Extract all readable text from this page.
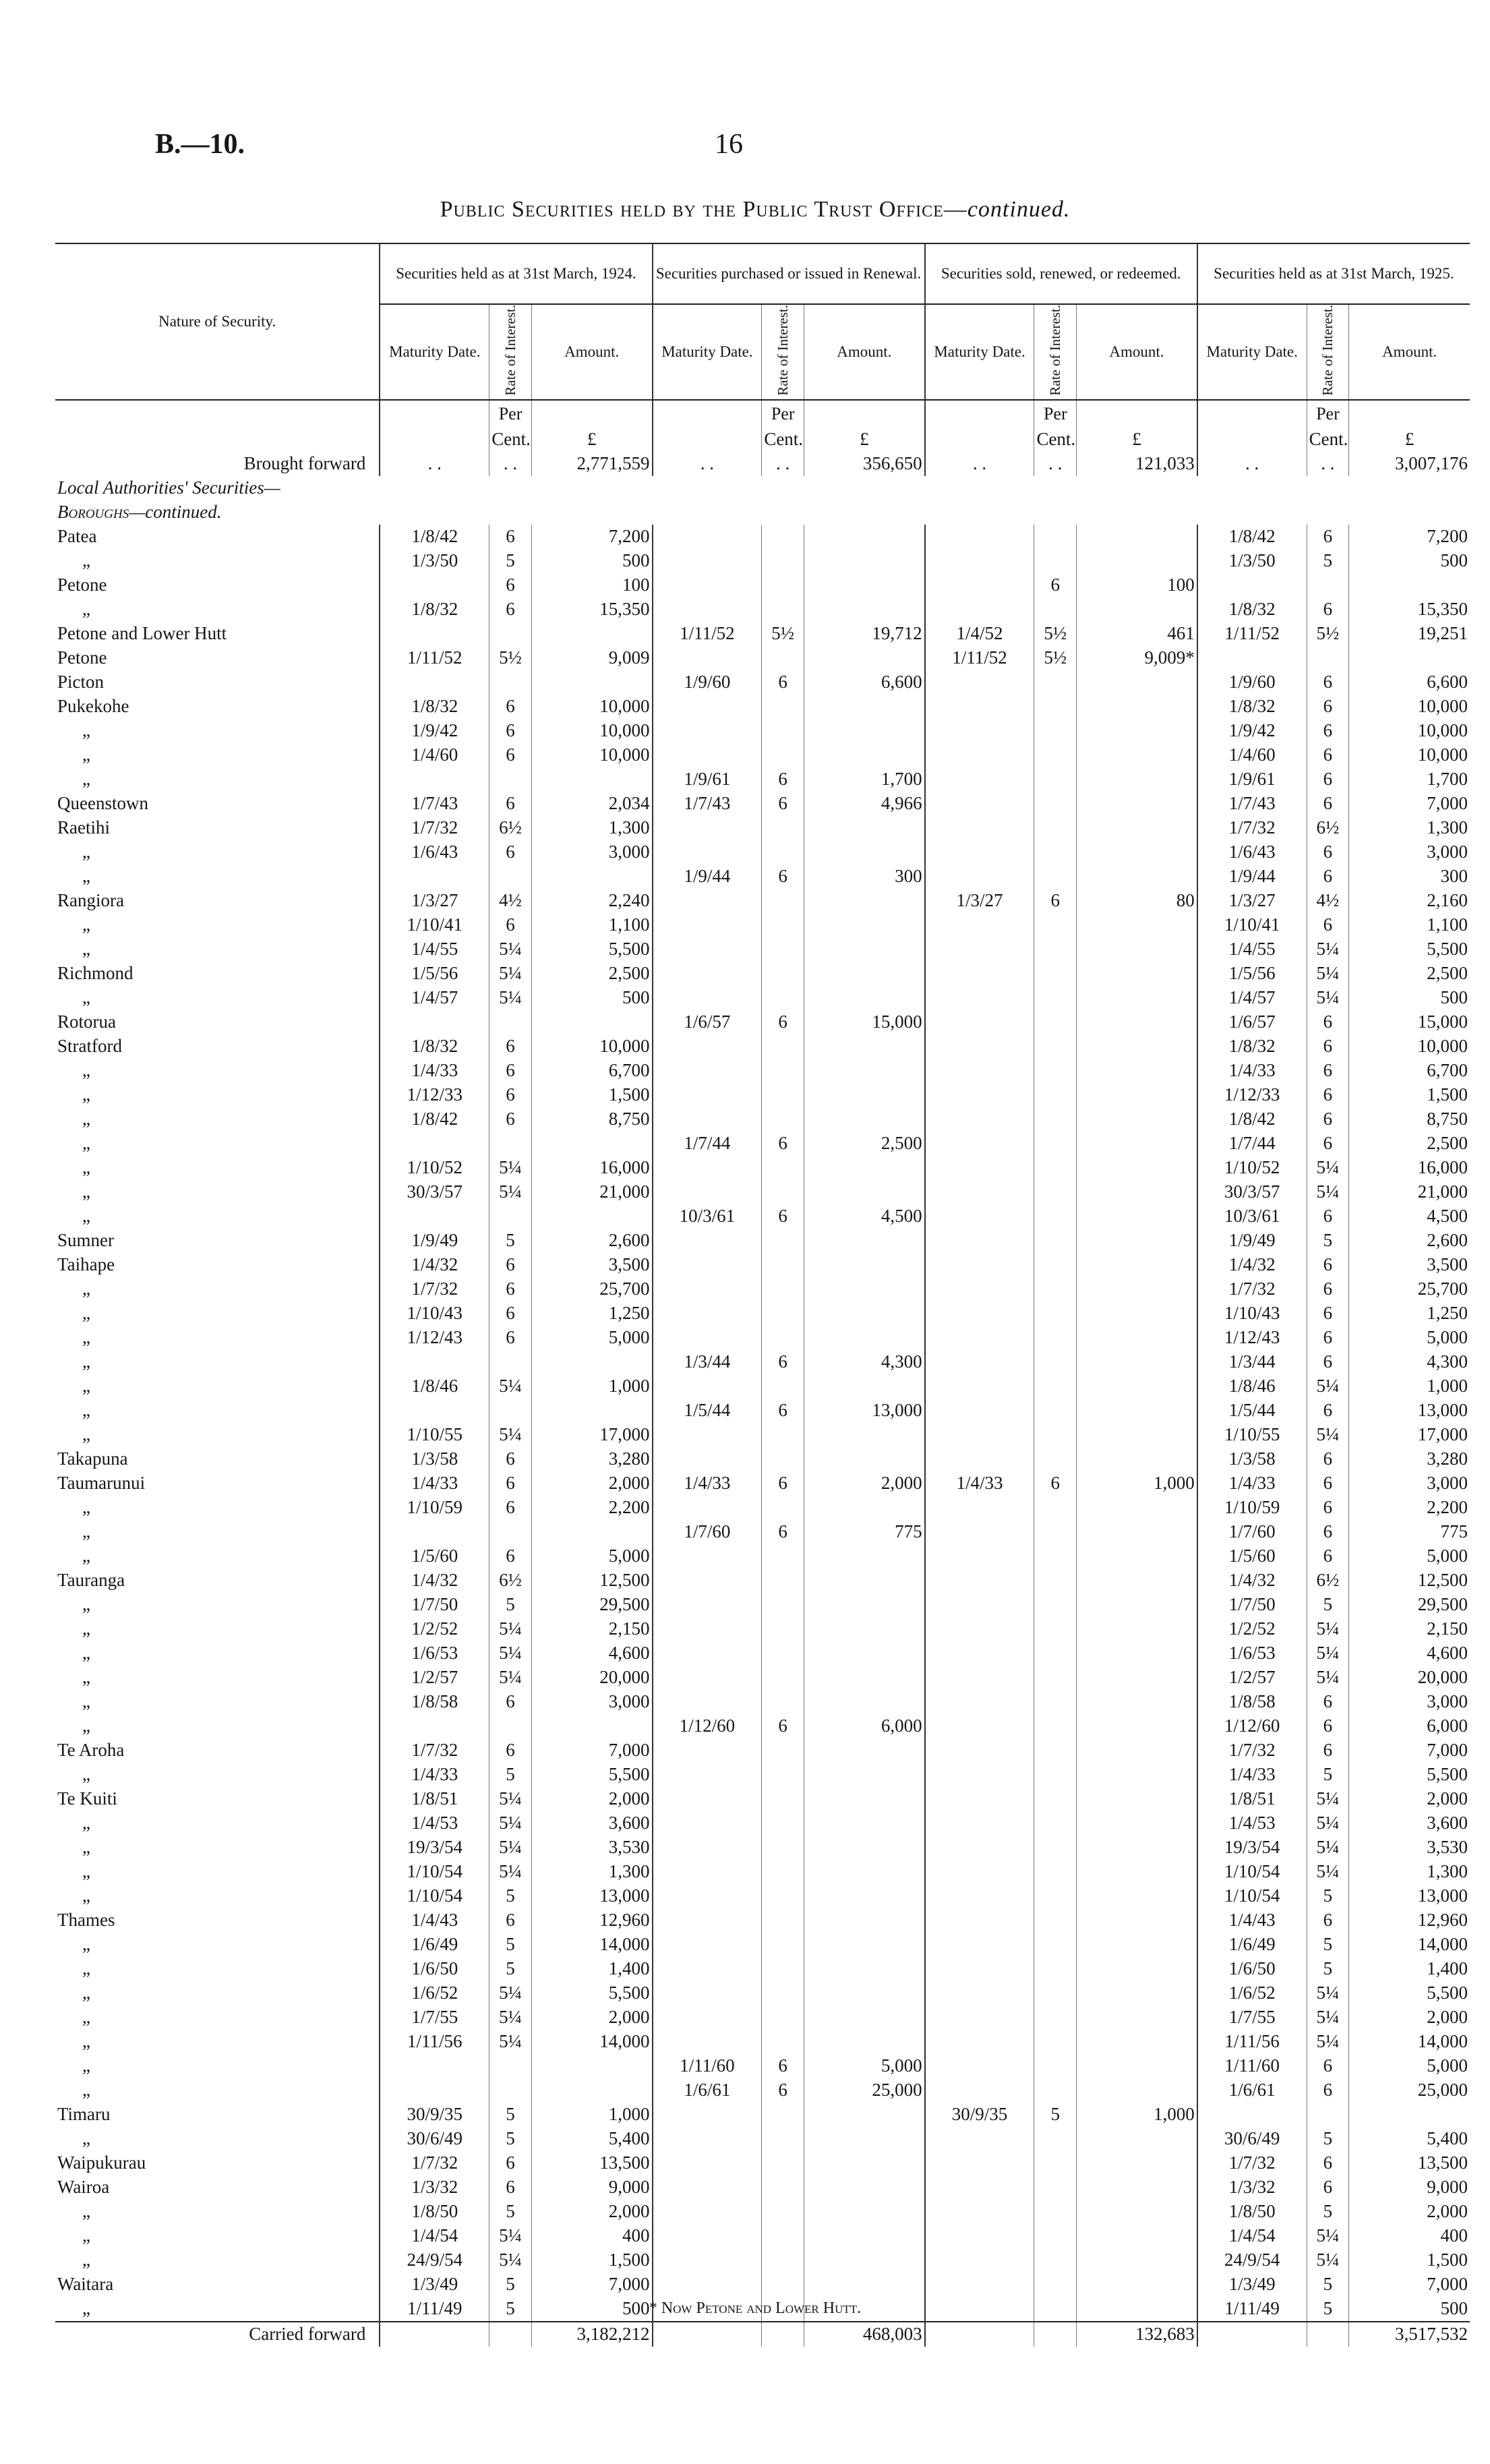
B.—10.	16
Public Securities held by the Public Trust Office—continued.
Nature of Security.	Securities held as at 31st March, 1924.			Securities purchased or issued in Renewal.			Securities sold, renewed, or redeemed.			Securities held as at 31st March, 1925.		
	Maturity Date.	Rate of Interest.	Amount.	Maturity Date.	Rate of Interest.	Amount.	Maturity Date.	Rate of Interest.	Amount.	Maturity Date.	Rate of Interest.	Amount.
		Per			Per			Per			Per	
		Cent.	£		Cent.	£		Cent.	£		Cent.	£
Brought forward	. .	. .	2,771,559	. .	. .	356,650	. .	. .	121,033	. .	. .	3,007,176
Local Authorities' Securities—												
Boroughs—continued.												
Patea	1/8/42	6	7,200							1/8/42	6	7,200
„	1/3/50	5	500							1/3/50	5	500
Petone		6	100					6	100			
„	1/8/32	6	15,350							1/8/32	6	15,350
Petone and Lower Hutt				1/11/52	5½	19,712	1/4/52	5½	461	1/11/52	5½	19,251
Petone	1/11/52	5½	9,009				1/11/52	5½	9,009*			
Picton				1/9/60	6	6,600				1/9/60	6	6,600
Pukekohe	1/8/32	6	10,000							1/8/32	6	10,000
„	1/9/42	6	10,000							1/9/42	6	10,000
„	1/4/60	6	10,000							1/4/60	6	10,000
„				1/9/61	6	1,700				1/9/61	6	1,700
Queenstown	1/7/43	6	2,034	1/7/43	6	4,966				1/7/43	6	7,000
Raetihi	1/7/32	6½	1,300							1/7/32	6½	1,300
„	1/6/43	6	3,000							1/6/43	6	3,000
„				1/9/44	6	300				1/9/44	6	300
Rangiora	1/3/27	4½	2,240				1/3/27	6	80	1/3/27	4½	2,160
„	1/10/41	6	1,100							1/10/41	6	1,100
„	1/4/55	5¼	5,500							1/4/55	5¼	5,500
Richmond	1/5/56	5¼	2,500							1/5/56	5¼	2,500
„	1/4/57	5¼	500							1/4/57	5¼	500
Rotorua				1/6/57	6	15,000				1/6/57	6	15,000
Stratford	1/8/32	6	10,000							1/8/32	6	10,000
„	1/4/33	6	6,700							1/4/33	6	6,700
„	1/12/33	6	1,500							1/12/33	6	1,500
„	1/8/42	6	8,750							1/8/42	6	8,750
„				1/7/44	6	2,500				1/7/44	6	2,500
„	1/10/52	5¼	16,000							1/10/52	5¼	16,000
„	30/3/57	5¼	21,000							30/3/57	5¼	21,000
„				10/3/61	6	4,500				10/3/61	6	4,500
Sumner	1/9/49	5	2,600							1/9/49	5	2,600
Taihape	1/4/32	6	3,500							1/4/32	6	3,500
„	1/7/32	6	25,700							1/7/32	6	25,700
„	1/10/43	6	1,250							1/10/43	6	1,250
„	1/12/43	6	5,000							1/12/43	6	5,000
„				1/3/44	6	4,300				1/3/44	6	4,300
„	1/8/46	5¼	1,000							1/8/46	5¼	1,000
„				1/5/44	6	13,000				1/5/44	6	13,000
„	1/10/55	5¼	17,000							1/10/55	5¼	17,000
Takapuna	1/3/58	6	3,280							1/3/58	6	3,280
Taumarunui	1/4/33	6	2,000	1/4/33	6	2,000	1/4/33	6	1,000	1/4/33	6	3,000
„	1/10/59	6	2,200							1/10/59	6	2,200
„				1/7/60	6	775				1/7/60	6	775
„	1/5/60	6	5,000							1/5/60	6	5,000
Tauranga	1/4/32	6½	12,500							1/4/32	6½	12,500
„	1/7/50	5	29,500							1/7/50	5	29,500
„	1/2/52	5¼	2,150							1/2/52	5¼	2,150
„	1/6/53	5¼	4,600							1/6/53	5¼	4,600
„	1/2/57	5¼	20,000							1/2/57	5¼	20,000
„	1/8/58	6	3,000							1/8/58	6	3,000
„				1/12/60	6	6,000				1/12/60	6	6,000
Te Aroha	1/7/32	6	7,000							1/7/32	6	7,000
„	1/4/33	5	5,500							1/4/33	5	5,500
Te Kuiti	1/8/51	5¼	2,000							1/8/51	5¼	2,000
„	1/4/53	5¼	3,600							1/4/53	5¼	3,600
„	19/3/54	5¼	3,530							19/3/54	5¼	3,530
„	1/10/54	5¼	1,300							1/10/54	5¼	1,300
„	1/10/54	5	13,000							1/10/54	5	13,000
Thames	1/4/43	6	12,960							1/4/43	6	12,960
„	1/6/49	5	14,000							1/6/49	5	14,000
„	1/6/50	5	1,400							1/6/50	5	1,400
„	1/6/52	5¼	5,500							1/6/52	5¼	5,500
„	1/7/55	5¼	2,000							1/7/55	5¼	2,000
„	1/11/56	5¼	14,000							1/11/56	5¼	14,000
„				1/11/60	6	5,000				1/11/60	6	5,000
„				1/6/61	6	25,000				1/6/61	6	25,000
Timaru	30/9/35	5	1,000				30/9/35	5	1,000			
„	30/6/49	5	5,400							30/6/49	5	5,400
Waipukurau	1/7/32	6	13,500							1/7/32	6	13,500
Wairoa	1/3/32	6	9,000							1/3/32	6	9,000
„	1/8/50	5	2,000							1/8/50	5	2,000
„	1/4/54	5¼	400							1/4/54	5¼	400
„	24/9/54	5¼	1,500							24/9/54	5¼	1,500
Waitara	1/3/49	5	7,000							1/3/49	5	7,000
„	1/11/49	5	500							1/11/49	5	500
Carried forward			3,182,212			468,003			132,683			3,517,532
* Now Petone and Lower Hutt.
